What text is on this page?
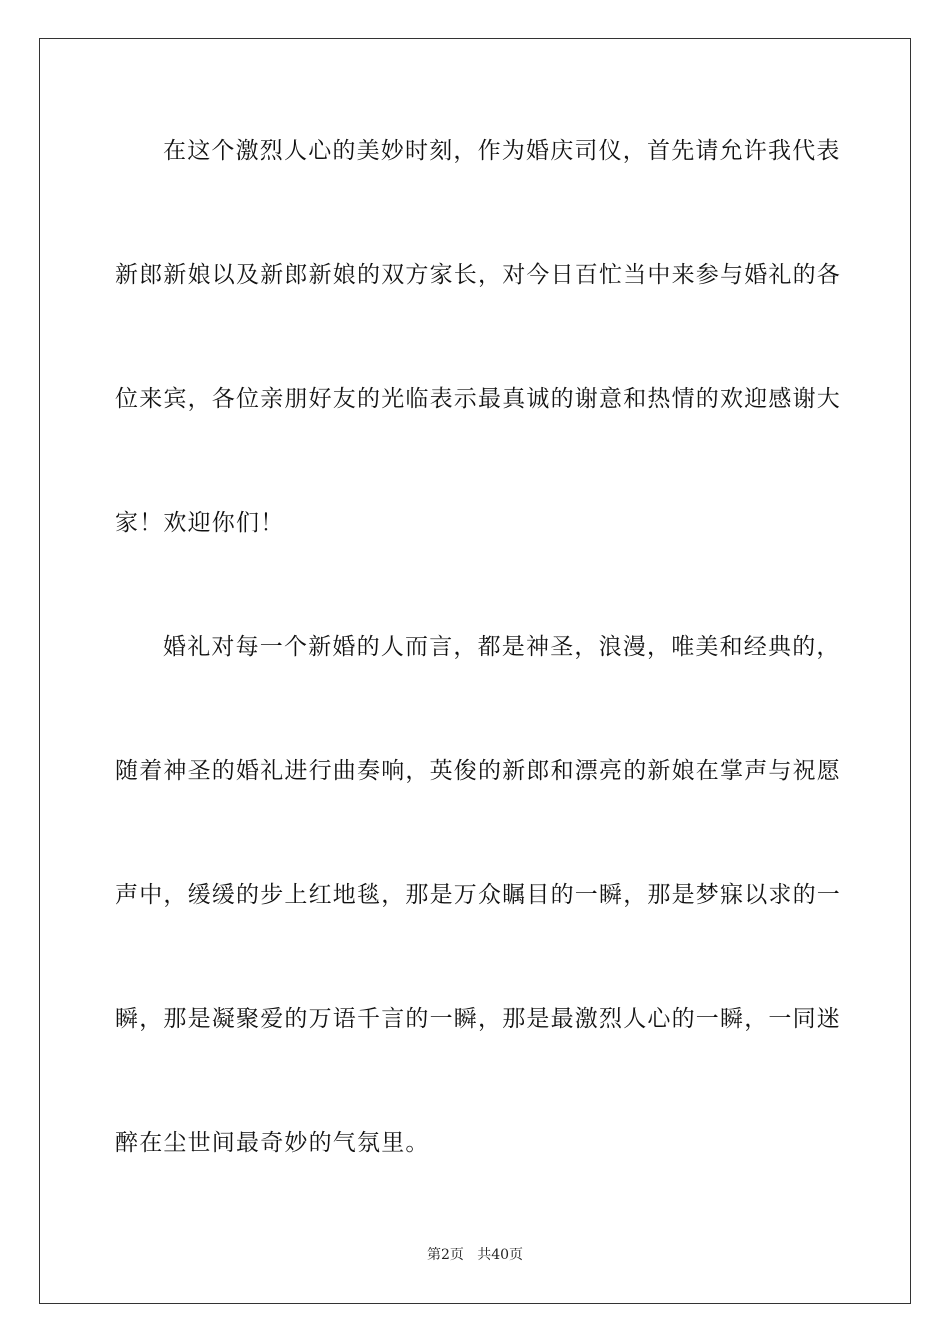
在这个激烈人心的美妙时刻，作为婚庆司仪，首先请允许我代表
新郎新娘以及新郎新娘的双方家长，对今日百忙当中来参与婚礼的各
位来宾，各位亲朋好友的光临表示最真诚的谢意和热情的欢迎感谢大
家！欢迎你们！
婚礼对每一个新婚的人而言，都是神圣，浪漫，唯美和经典的，
随着神圣的婚礼进行曲奏响，英俊的新郎和漂亮的新娘在掌声与祝愿
声中，缓缓的步上红地毯，那是万众瞩目的一瞬，那是梦寐以求的一
瞬，那是凝聚爱的万语千言的一瞬，那是最激烈人心的一瞬，一同迷
醉在尘世间最奇妙的气氛里。
第2页   共40页
